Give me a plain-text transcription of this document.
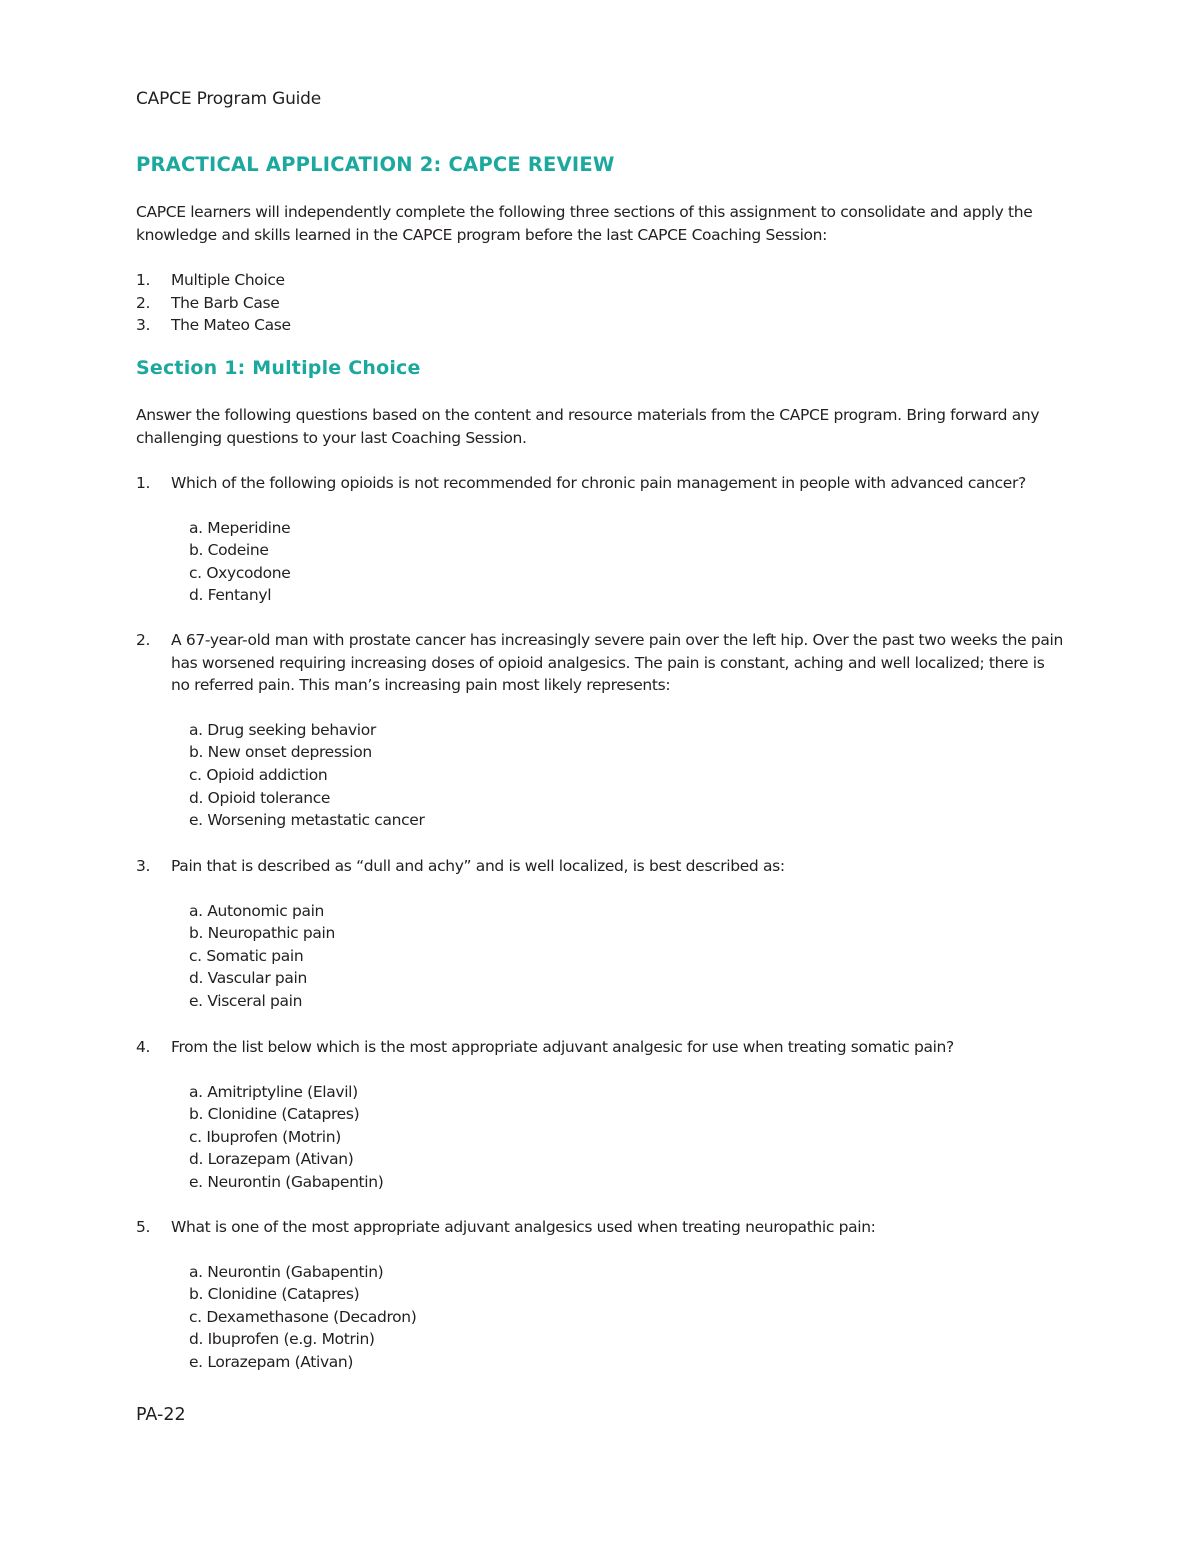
CAPCE Program Guide
PRACTICAL APPLICATION 2: CAPCE REVIEW

CAPCE learners will independently complete the following three sections of this assignment to consolidate and apply the knowledge and skills learned in the CAPCE program before the last CAPCE Coaching Session:

1. Multiple Choice
2. The Barb Case
3. The Mateo Case
Section 1: Multiple Choice

Answer the following questions based on the content and resource materials from the CAPCE program. Bring forward any challenging questions to your last Coaching Session.

1. Which of the following opioids is not recommended for chronic pain management in people with advanced cancer?
a. Meperidine
b. Codeine
c. Oxycodone
d. Fentanyl
2. A 67-year-old man with prostate cancer has increasingly severe pain over the left hip. Over the past two weeks the pain has worsened requiring increasing doses of opioid analgesics. The pain is constant, aching and well localized; there is no referred pain. This man’s increasing pain most likely represents:
a. Drug seeking behavior
b. New onset depression
c. Opioid addiction
d. Opioid tolerance
e. Worsening metastatic cancer
3. Pain that is described as “dull and achy” and is well localized, is best described as:
a. Autonomic pain
b. Neuropathic pain
c. Somatic pain
d. Vascular pain
e. Visceral pain
4. From the list below which is the most appropriate adjuvant analgesic for use when treating somatic pain?
a. Amitriptyline (Elavil)
b. Clonidine (Catapres)
c. Ibuprofen (Motrin)
d. Lorazepam (Ativan)
e. Neurontin (Gabapentin)
5. What is one of the most appropriate adjuvant analgesics used when treating neuropathic pain:
a. Neurontin (Gabapentin)
b. Clonidine (Catapres)
c. Dexamethasone (Decadron)
d. Ibuprofen (e.g. Motrin)
e. Lorazepam (Ativan)
PA-22
